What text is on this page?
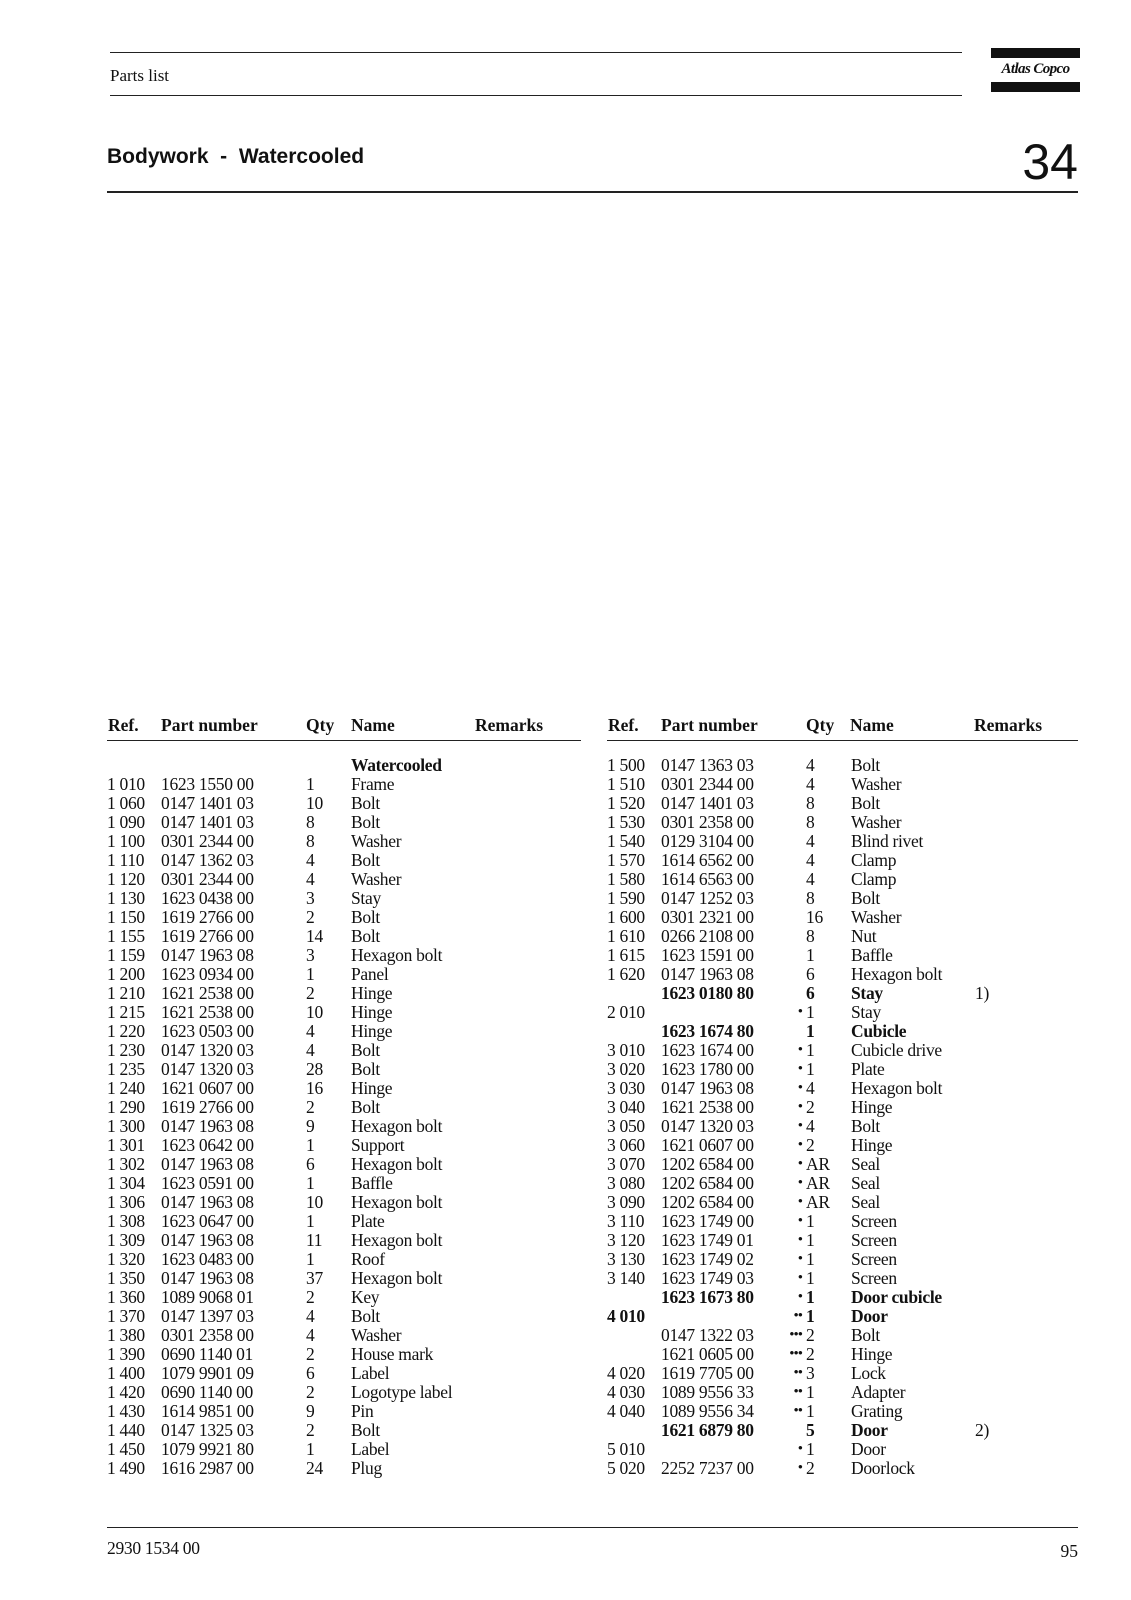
Parts list	Atlas Copco
Bodywork  -  Watercooled	34
Ref. Part number	Qty Name	Remarks
Watercooled
1 010 1623 1550 00	1 Frame
1 060 0147 1401 03	10 Bolt
1 090 0147 1401 03	8 Bolt
1 100 0301 2344 00	8 Washer
1 110 0147 1362 03	4 Bolt
1 120 0301 2344 00	4 Washer
1 130 1623 0438 00	3 Stay
1 150 1619 2766 00	2 Bolt
1 155 1619 2766 00	14 Bolt
1 159 0147 1963 08	3 Hexagon bolt
1 200 1623 0934 00	1 Panel
1 210 1621 2538 00	2 Hinge
1 215 1621 2538 00	10 Hinge
1 220 1623 0503 00	4 Hinge
1 230 0147 1320 03	4 Bolt
1 235 0147 1320 03	28 Bolt
1 240 1621 0607 00	16 Hinge
1 290 1619 2766 00	2 Bolt
1 300 0147 1963 08	9 Hexagon bolt
1 301 1623 0642 00	1 Support
1 302 0147 1963 08	6 Hexagon bolt
1 304 1623 0591 00	1 Baffle
1 306 0147 1963 08	10 Hexagon bolt
1 308 1623 0647 00	1 Plate
1 309 0147 1963 08	11 Hexagon bolt
1 320 1623 0483 00	1 Roof
1 350 0147 1963 08	37 Hexagon bolt
1 360 1089 9068 01	2 Key
1 370 0147 1397 03	4 Bolt
1 380 0301 2358 00	4 Washer
1 390 0690 1140 01	2 House mark
1 400 1079 9901 09	6 Label
1 420 0690 1140 00	2 Logotype label
1 430 1614 9851 00	9 Pin
1 440 0147 1325 03	2 Bolt
1 450 1079 9921 80	1 Label
1 490 1616 2987 00	24 Plug
Ref. Part number	Qty Name	Remarks
1 500 0147 1363 03	4 Bolt
1 510 0301 2344 00	4 Washer
1 520 0147 1401 03	8 Bolt
1 530 0301 2358 00	8 Washer
1 540 0129 3104 00	4 Blind rivet
1 570 1614 6562 00	4 Clamp
1 580 1614 6563 00	4 Clamp
1 590 0147 1252 03	8 Bolt
1 600 0301 2321 00	16 Washer
1 610 0266 2108 00	8 Nut
1 615 1623 1591 00	1 Baffle
1 620 0147 1963 08	6 Hexagon bolt
1623 0180 80	6 Stay	1)
2 010	• 1 Stay
1623 1674 80	1 Cubicle
3 010 1623 1674 00	• 1 Cubicle drive
3 020 1623 1780 00	• 1 Plate
3 030 0147 1963 08	• 4 Hexagon bolt
3 040 1621 2538 00	• 2 Hinge
3 050 0147 1320 03	• 4 Bolt
3 060 1621 0607 00	• 2 Hinge
3 070 1202 6584 00	• AR Seal
3 080 1202 6584 00	• AR Seal
3 090 1202 6584 00	• AR Seal
3 110 1623 1749 00	• 1 Screen
3 120 1623 1749 01	• 1 Screen
3 130 1623 1749 02	• 1 Screen
3 140 1623 1749 03	• 1 Screen
1623 1673 80	• 1 Door cubicle
4 010	•• 1 Door
0147 1322 03	••• 2 Bolt
1621 0605 00	••• 2 Hinge
4 020 1619 7705 00	•• 3 Lock
4 030 1089 9556 33	•• 1 Adapter
4 040 1089 9556 34	•• 1 Grating
1621 6879 80	5 Door	2)
5 010	• 1 Door
5 020 2252 7237 00	• 2 Doorlock
2930 1534 00	95
